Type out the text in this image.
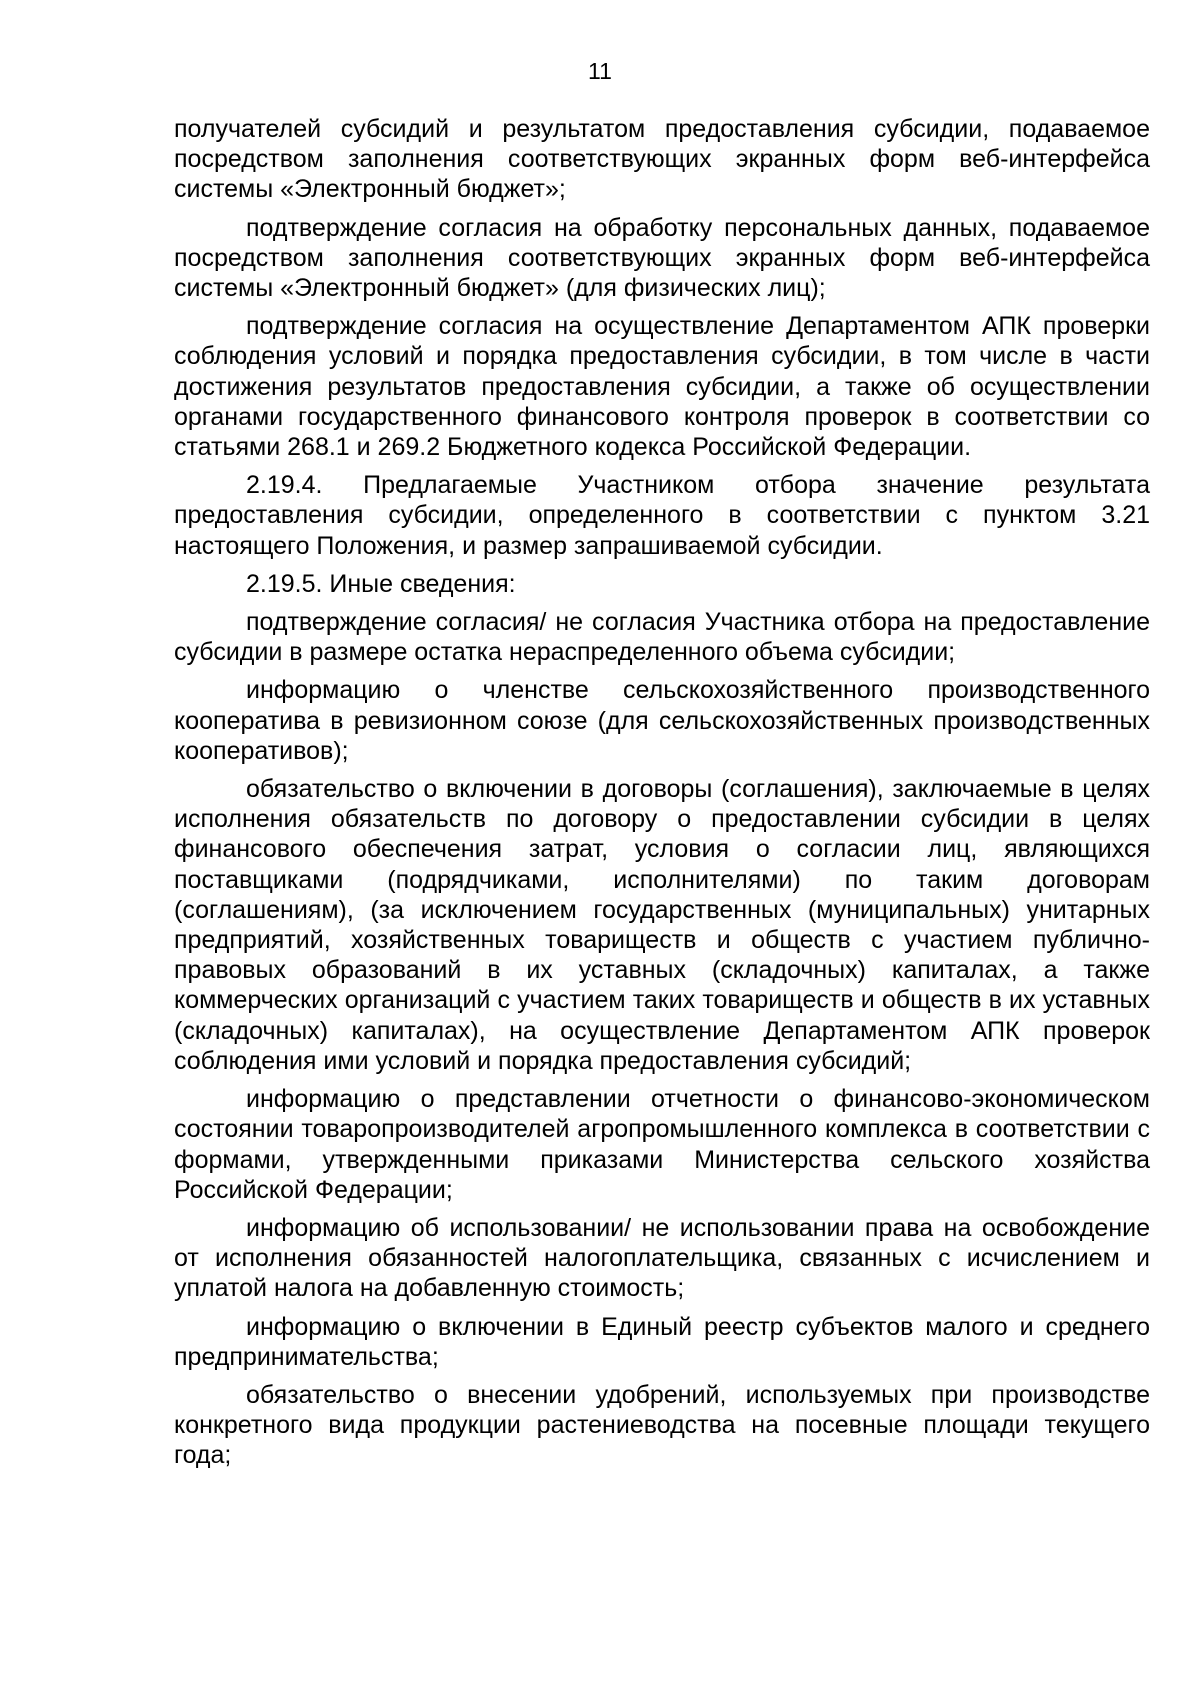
11

получателей субсидий и результатом предоставления субсидии, подаваемое посредством заполнения соответствующих экранных форм веб-интерфейса системы «Электронный бюджет»;

подтверждение согласия на обработку персональных данных, подаваемое посредством заполнения соответствующих экранных форм веб-интерфейса системы «Электронный бюджет» (для физических лиц);

подтверждение согласия на осуществление Департаментом АПК проверки соблюдения условий и порядка предоставления субсидии, в том числе в части достижения результатов предоставления субсидии, а также об осуществлении органами государственного финансового контроля проверок в соответствии со статьями 268.1 и 269.2 Бюджетного кодекса Российской Федерации.

2.19.4. Предлагаемые Участником отбора значение результата предоставления субсидии, определенного в соответствии с пунктом 3.21 настоящего Положения, и размер запрашиваемой субсидии.

2.19.5. Иные сведения:

подтверждение согласия/ не согласия Участника отбора на предоставление субсидии в размере остатка нераспределенного объема субсидии;

информацию о членстве сельскохозяйственного производственного кооператива в ревизионном союзе (для сельскохозяйственных производственных кооперативов);

обязательство о включении в договоры (соглашения), заключаемые в целях исполнения обязательств по договору о предоставлении субсидии в целях финансового обеспечения затрат, условия о согласии лиц, являющихся поставщиками (подрядчиками, исполнителями) по таким договорам (соглашениям), (за исключением государственных (муниципальных) унитарных предприятий, хозяйственных товариществ и обществ с участием публично-правовых образований в их уставных (складочных) капиталах, а также коммерческих организаций с участием таких товариществ и обществ в их уставных (складочных) капиталах), на осуществление Департаментом АПК проверок соблюдения ими условий и порядка предоставления субсидий;

информацию о представлении отчетности о финансово-экономическом состоянии товаропроизводителей агропромышленного комплекса в соответствии с формами, утвержденными приказами Министерства сельского хозяйства Российской Федерации;

информацию об использовании/ не использовании права на освобождение от исполнения обязанностей налогоплательщика, связанных с исчислением и уплатой налога на добавленную стоимость;

информацию о включении в Единый реестр субъектов малого и среднего предпринимательства;

обязательство о внесении удобрений, используемых при производстве конкретного вида продукции растениеводства на посевные площади текущего года;
